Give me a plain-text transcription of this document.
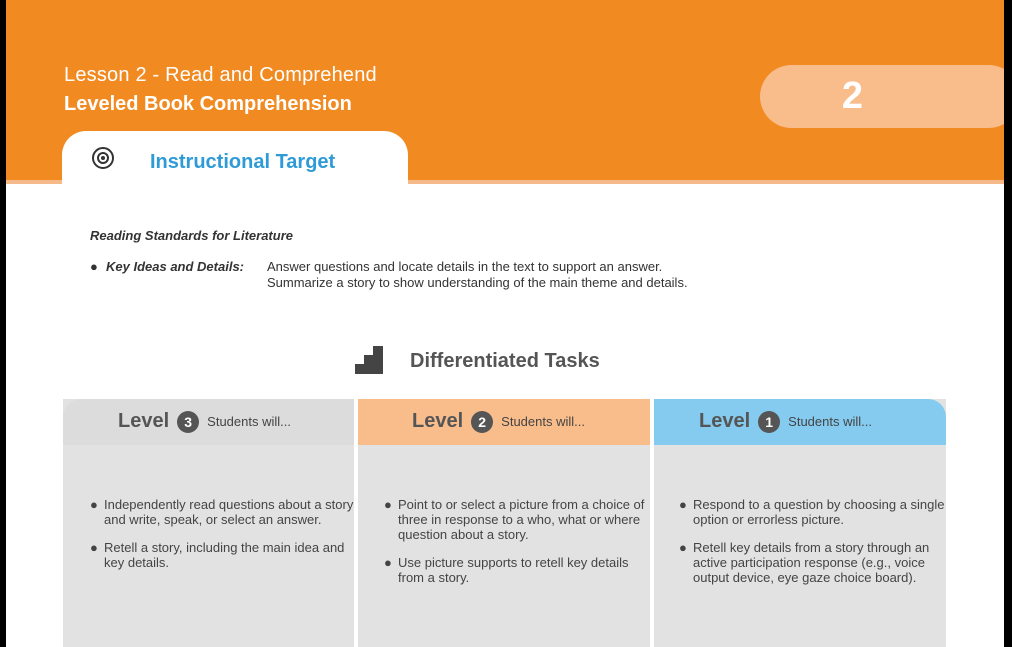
Lesson 2 - Read and Comprehend
Leveled Book Comprehension	2
Instructional Target
Reading Standards for Literature
● Key Ideas and Details: Answer questions and locate details in the text to support an answer.
Summarize a story to show understanding of the main theme and details.
Differentiated Tasks
Level	3	Students will...
● Independently read questions about a story and write, speak, or select an answer.
● Retell a story, including the main idea and key details.
Level	2	Students will...
● Point to or select a picture from a choice of three in response to a who, what or where question about a story.
● Use picture supports to retell key details from a story.
Level	1	Students will...
● Respond to a question by choosing a single option or errorless picture.
● Retell key details from a story through an active participation response (e.g., voice output device, eye gaze choice board).
